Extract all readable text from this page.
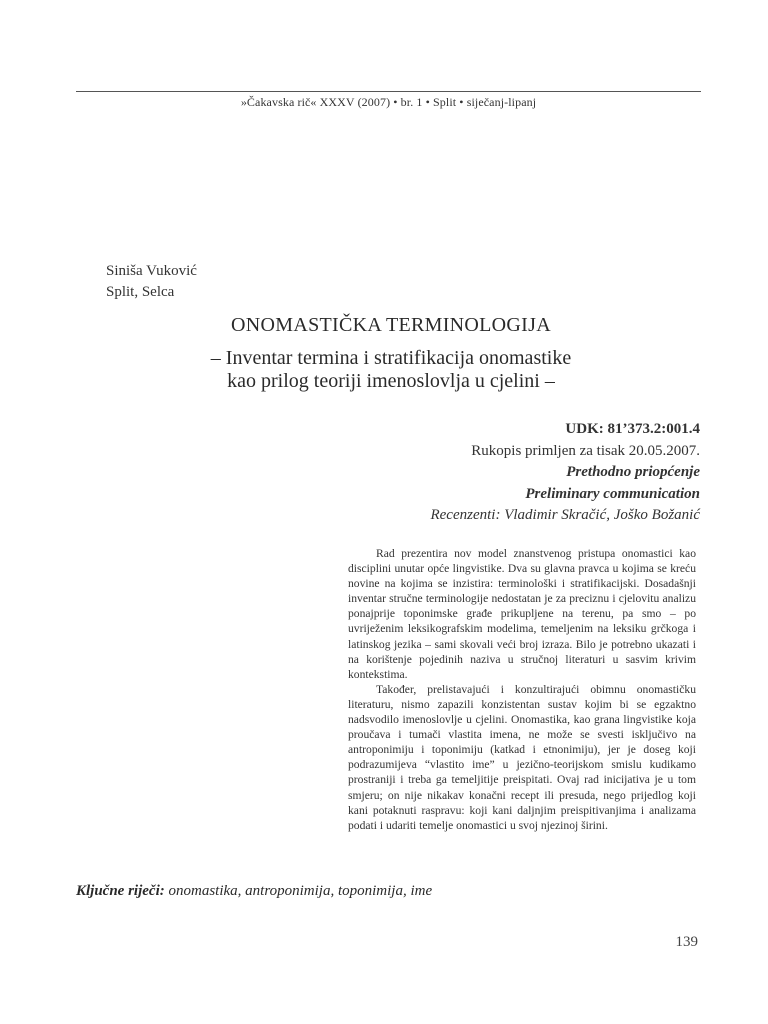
»Čakavska rič« XXXV (2007) • br. 1 • Split • siječanj-lipanj
Siniša Vuković
Split, Selca
ONOMASTIČKA TERMINOLOGIJA
– Inventar termina i stratifikacija onomastike
kao prilog teoriji imenoslovlja u cjelini –
UDK: 81’373.2:001.4
Rukopis primljen za tisak 20.05.2007.
Prethodno priopćenje
Preliminary communication
Recenzenti: Vladimir Skračić, Joško Božanić

Rad prezentira nov model znanstvenog pristupa onomastici kao disciplini unutar opće lingvistike. Dva su glavna pravca u kojima se kreću novine na kojima se inzistira: terminološki i stratifikacijski. Dosadašnji inventar stručne terminologije nedostatan je za preciznu i cjelovitu analizu ponajprije toponimske građe prikupljene na terenu, pa smo – po uvriježenim leksikografskim modelima, temeljenim na leksiku grčkoga i latinskog jezika – sami skovali veći broj izraza. Bilo je potrebno ukazati i na korištenje pojedinih naziva u stručnoj literaturi u sasvim krivim kontekstima.

Također, prelistavajući i konzultirajući obimnu onomastičku literaturu, nismo zapazili konzistentan sustav kojim bi se egzaktno nadsvodilo imenoslovlje u cjelini. Onomastika, kao grana lingvistike koja proučava i tumači vlastita imena, ne može se svesti isključivo na antroponimiju i toponimiju (katkad i etnonimiju), jer je doseg koji podrazumijeva “vlastito ime” u jezično-teorijskom smislu kudikamo prostraniji i treba ga temeljitije preispitati. Ovaj rad inicijativa je u tom smjeru; on nije nikakav konačni recept ili presuda, nego prijedlog koji kani potaknuti raspravu: koji kani daljnjim preispitivanjima i analizama podati i udariti temelje onomastici u svoj njezinoj širini.

Ključne riječi: onomastika, antroponimija, toponimija, ime
139
